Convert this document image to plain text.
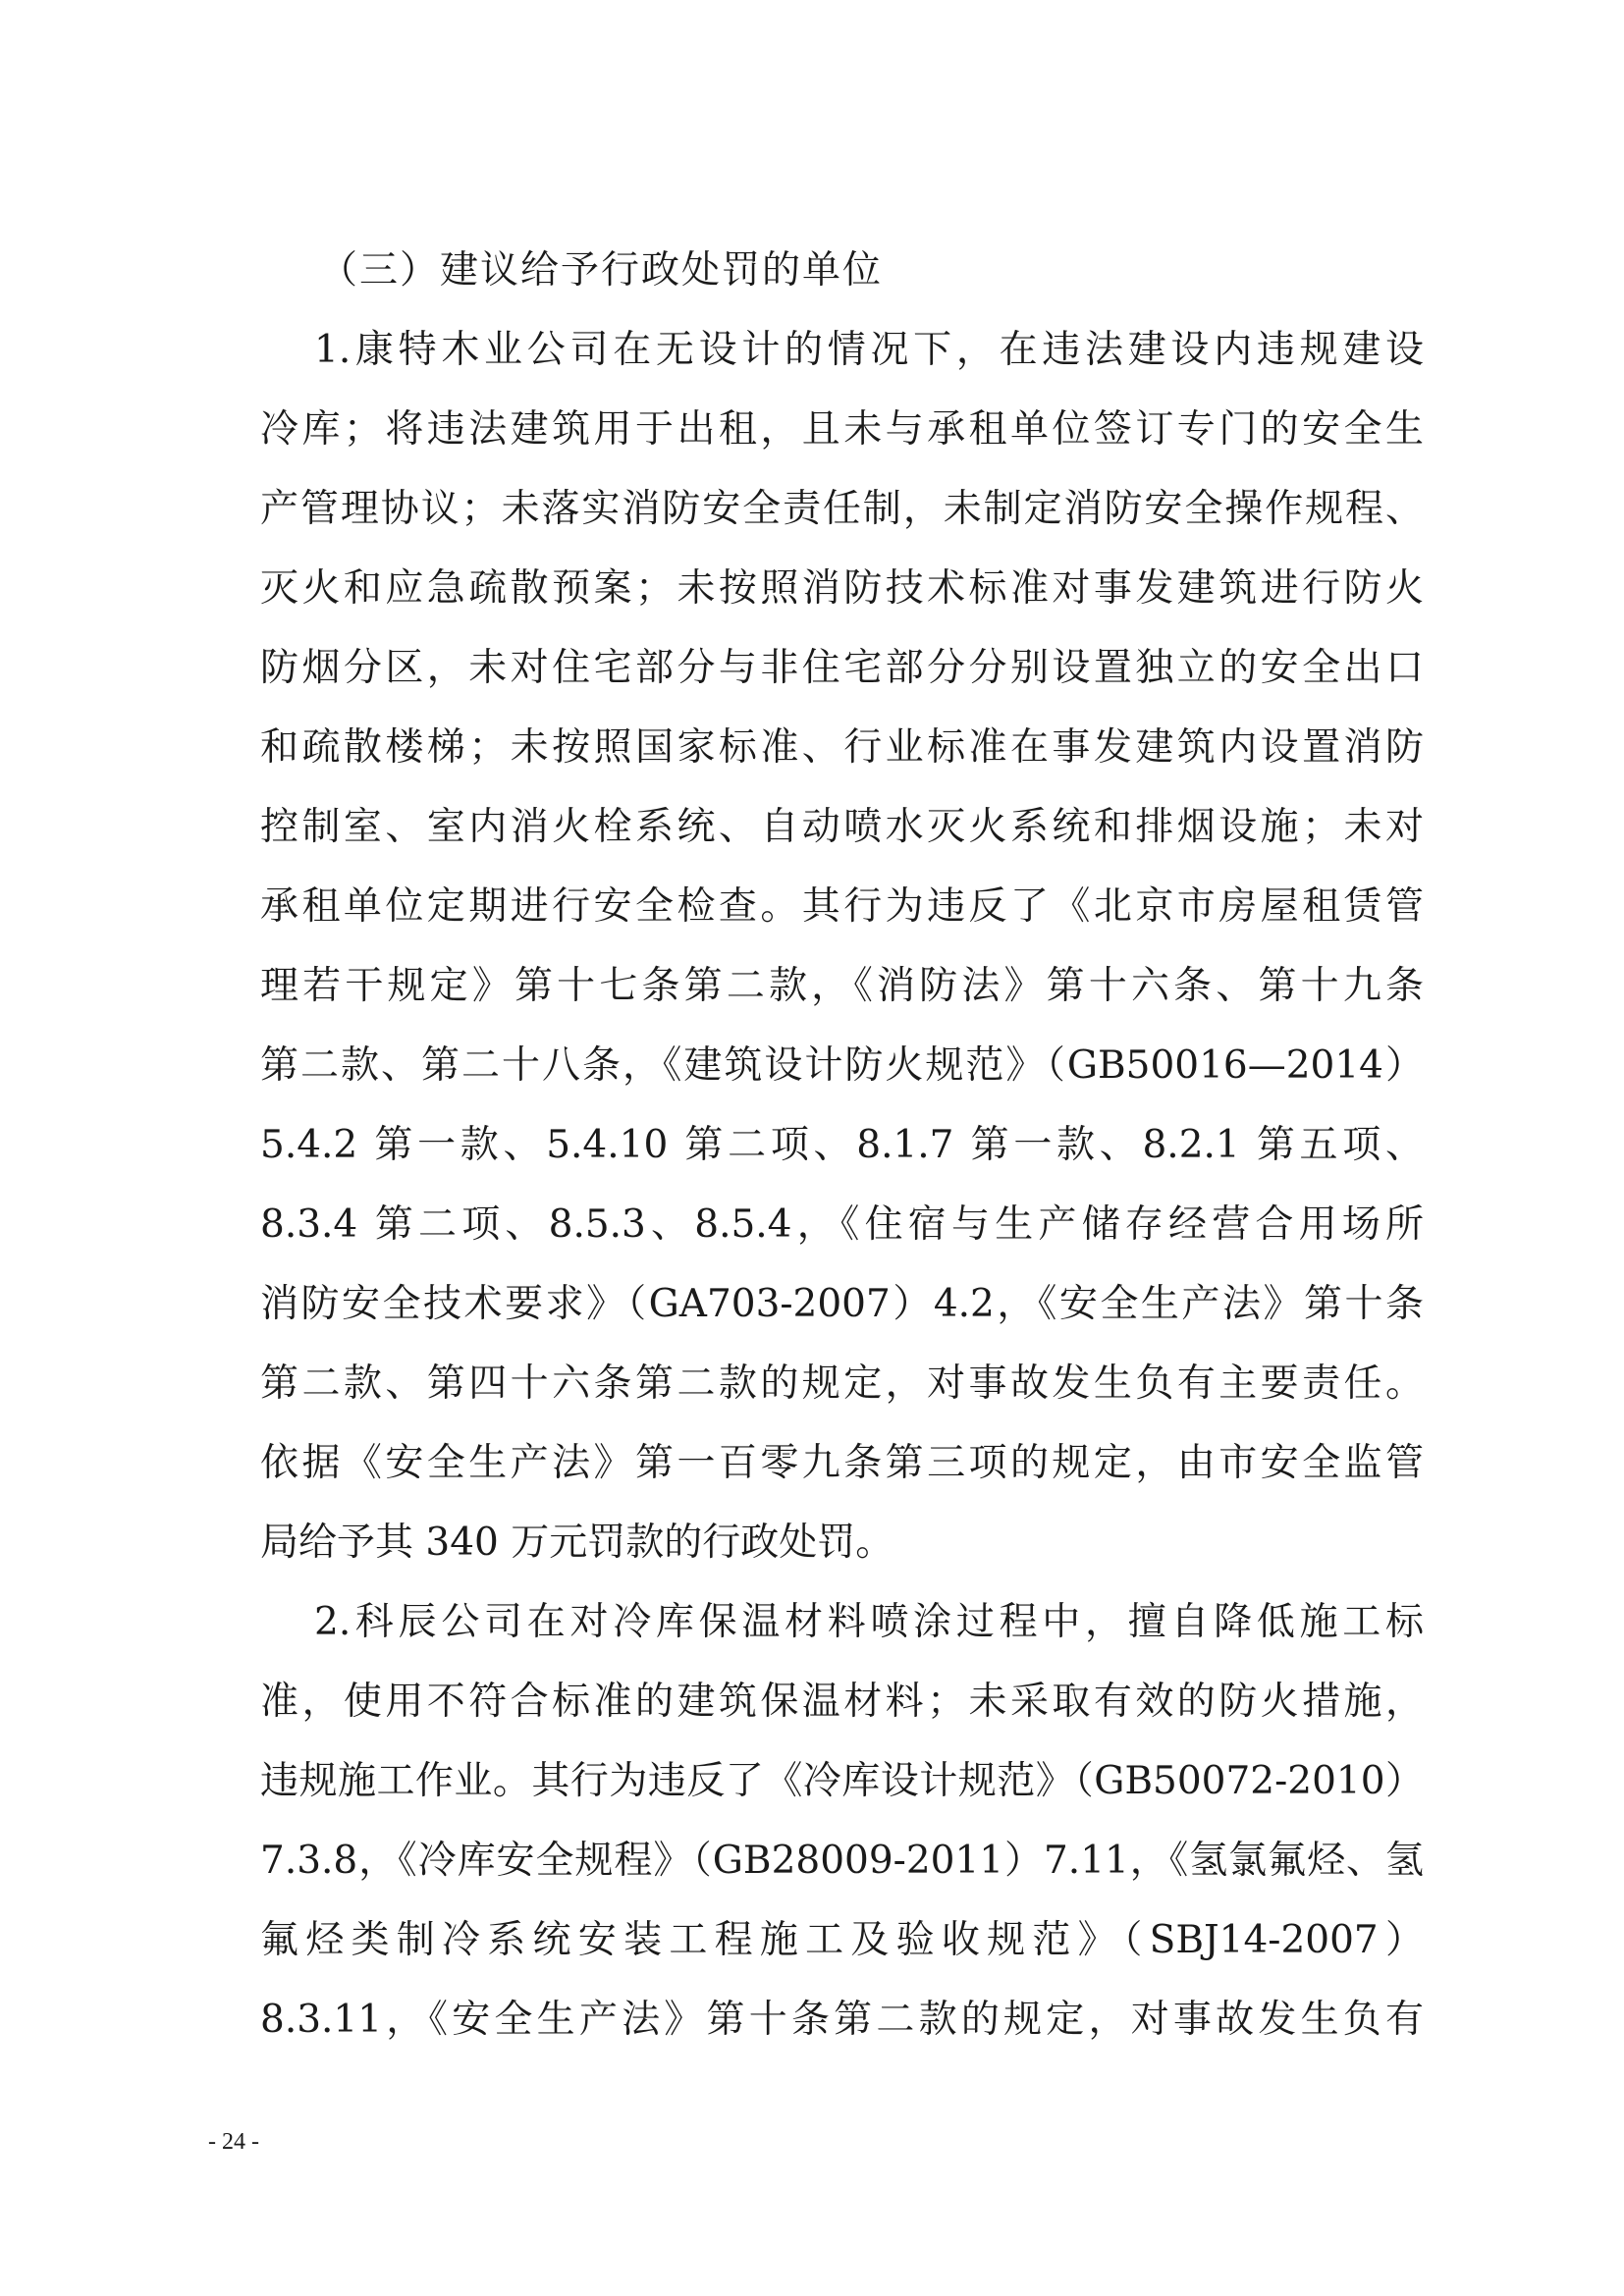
（三）建议给予行政处罚的单位

1.康特木业公司在无设计的情况下，在违法建设内违规建设
冷库；将违法建筑用于出租，且未与承租单位签订专门的安全生
产管理协议；未落实消防安全责任制，未制定消防安全操作规程、
灭火和应急疏散预案；未按照消防技术标准对事发建筑进行防火
防烟分区，未对住宅部分与非住宅部分分别设置独立的安全出口
和疏散楼梯；未按照国家标准、行业标准在事发建筑内设置消防
控制室、室内消火栓系统、自动喷水灭火系统和排烟设施；未对
承租单位定期进行安全检查。其行为违反了《北京市房屋租赁管
理若干规定》第十七条第二款，《消防法》第十六条、第十九条
第二款、第二十八条，《建筑设计防火规范》（GB50016—2014）
5.4.2 第一款、5.4.10 第二项、8.1.7 第一款、8.2.1 第五项、
8.3.4 第二项、8.5.3、8.5.4，《住宿与生产储存经营合用场所
消防安全技术要求》（GA703-2007）4.2，《安全生产法》第十条
第二款、第四十六条第二款的规定，对事故发生负有主要责任。
依据《安全生产法》第一百零九条第三项的规定，由市安全监管
局给予其 340 万元罚款的行政处罚。

2.科辰公司在对冷库保温材料喷涂过程中，擅自降低施工标
准，使用不符合标准的建筑保温材料；未采取有效的防火措施，
违规施工作业。其行为违反了《冷库设计规范》（GB50072-2010）
7.3.8，《冷库安全规程》（GB28009-2011）7.11，《氢氯氟烃、氢
氟烃类制冷系统安装工程施工及验收规范》（SBJ14-2007）
8.3.11，《安全生产法》第十条第二款的规定，对事故发生负有

- 24 -
